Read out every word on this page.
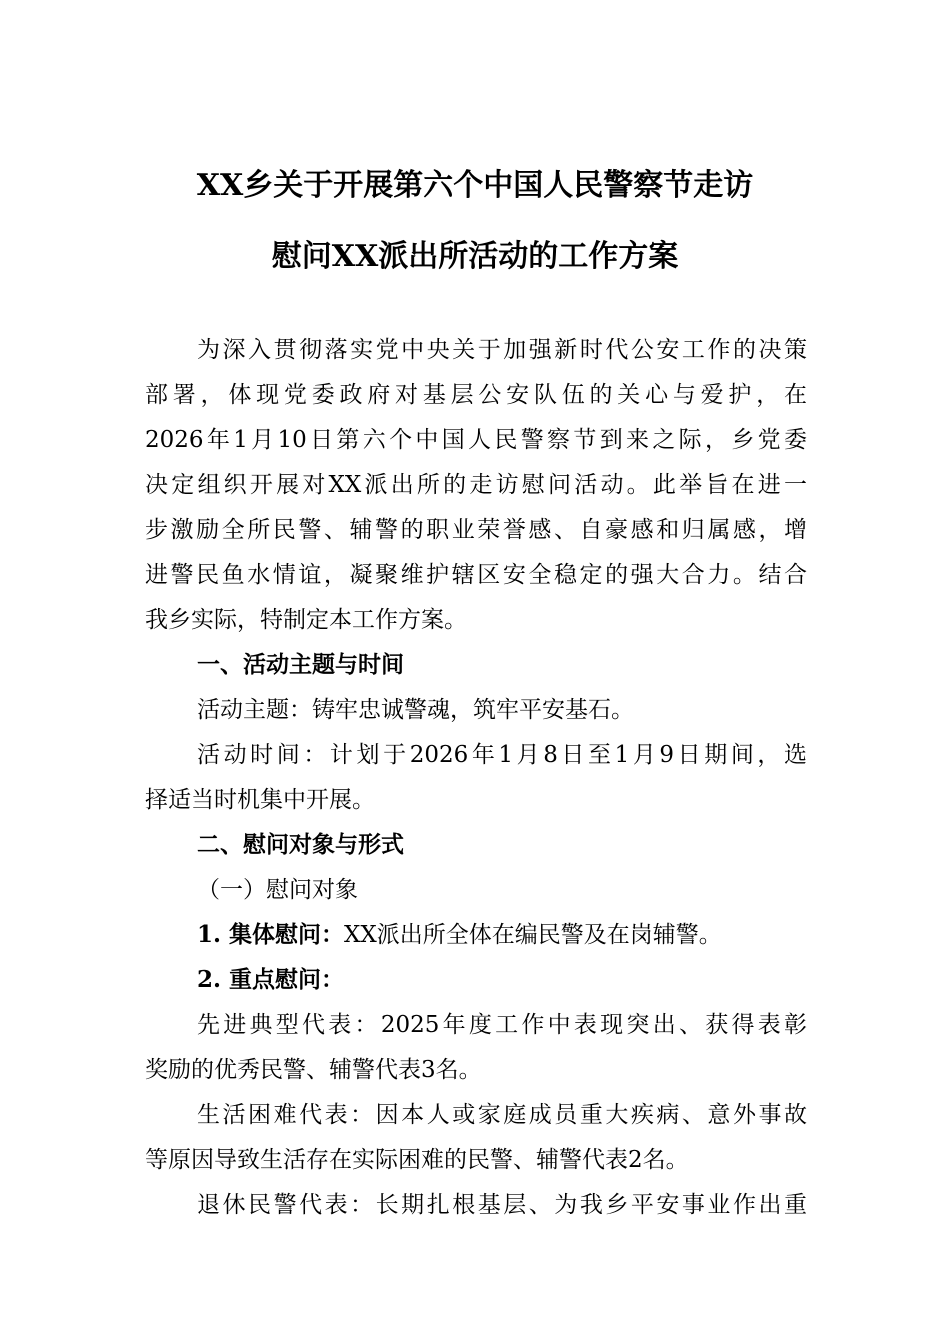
XX乡关于开展第六个中国人民警察节走访
慰问XX派出所活动的工作方案
为深入贯彻落实党中央关于加强新时代公安工作的决策
部署，体现党委政府对基层公安队伍的关心与爱护，在
2026年1月10日第六个中国人民警察节到来之际，乡党委
决定组织开展对XX派出所的走访慰问活动。此举旨在进一
步激励全所民警、辅警的职业荣誉感、自豪感和归属感，增
进警民鱼水情谊，凝聚维护辖区安全稳定的强大合力。结合
我乡实际，特制定本工作方案。
一、活动主题与时间
活动主题：铸牢忠诚警魂，筑牢平安基石。
活动时间：计划于2026年1月8日至1月9日期间，选
择适当时机集中开展。
二、慰问对象与形式
（一）慰问对象
1. 集体慰问：XX派出所全体在编民警及在岗辅警。
2. 重点慰问：
先进典型代表：2025年度工作中表现突出、获得表彰
奖励的优秀民警、辅警代表3名。
生活困难代表：因本人或家庭成员重大疾病、意外事故
等原因导致生活存在实际困难的民警、辅警代表2名。
退休民警代表：长期扎根基层、为我乡平安事业作出重
